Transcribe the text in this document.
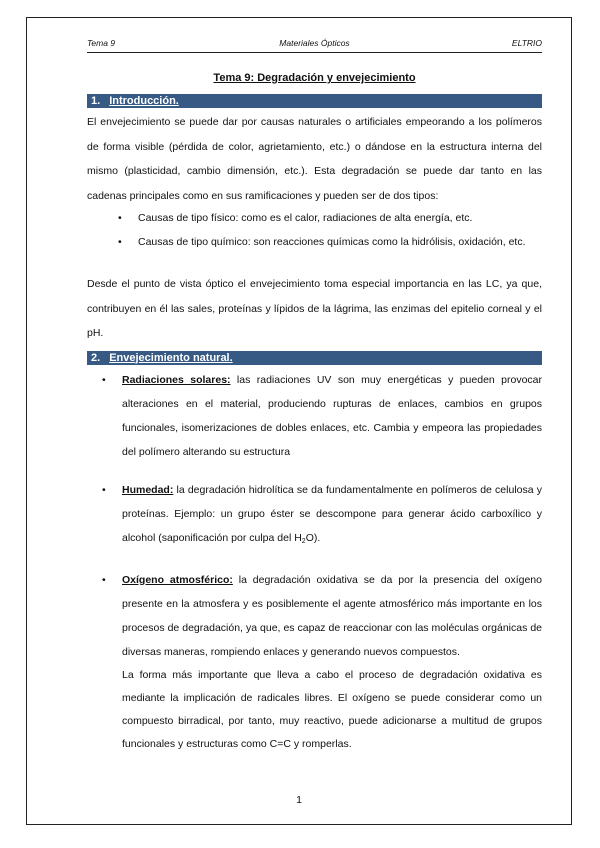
Tema 9	Materiales Ópticos	ELTRIO
Tema 9: Degradación y envejecimiento
1. Introducción.

El envejecimiento se puede dar por causas naturales o artificiales empeorando a los polímeros de forma visible (pérdida de color, agrietamiento, etc.) o dándose en la estructura interna del mismo (plasticidad, cambio dimensión, etc.). Esta degradación se puede dar tanto en las cadenas principales como en sus ramificaciones y pueden ser de dos tipos:

• Causas de tipo físico: como es el calor, radiaciones de alta energía, etc.
• Causas de tipo químico: son reacciones químicas como la hidrólisis, oxidación, etc.

Desde el punto de vista óptico el envejecimiento toma especial importancia en las LC, ya que, contribuyen en él las sales, proteínas y lípidos de la lágrima, las enzimas del epitelio corneal y el pH.

2. Envejecimiento natural.
• Radiaciones solares: las radiaciones UV son muy energéticas y pueden provocar alteraciones en el material, produciendo rupturas de enlaces, cambios en grupos funcionales, isomerizaciones de dobles enlaces, etc. Cambia y empeora las propiedades del polímero alterando su estructura
• Humedad: la degradación hidrolítica se da fundamentalmente en polímeros de celulosa y proteínas. Ejemplo: un grupo éster se descompone para generar ácido carboxílico y alcohol (saponificación por culpa del $H_2O$).
• Oxígeno atmosférico: la degradación oxidativa se da por la presencia del oxígeno presente en la atmosfera y es posiblemente el agente atmosférico más importante en los procesos de degradación, ya que, es capaz de reaccionar con las moléculas orgánicas de diversas maneras, rompiendo enlaces y generando nuevos compuestos.

La forma más importante que lleva a cabo el proceso de degradación oxidativa es mediante la implicación de radicales libres. El oxígeno se puede considerar como un compuesto birradical, por tanto, muy reactivo, puede adicionarse a multitud de grupos funcionales y estructuras como C=C y romperlas.

1
